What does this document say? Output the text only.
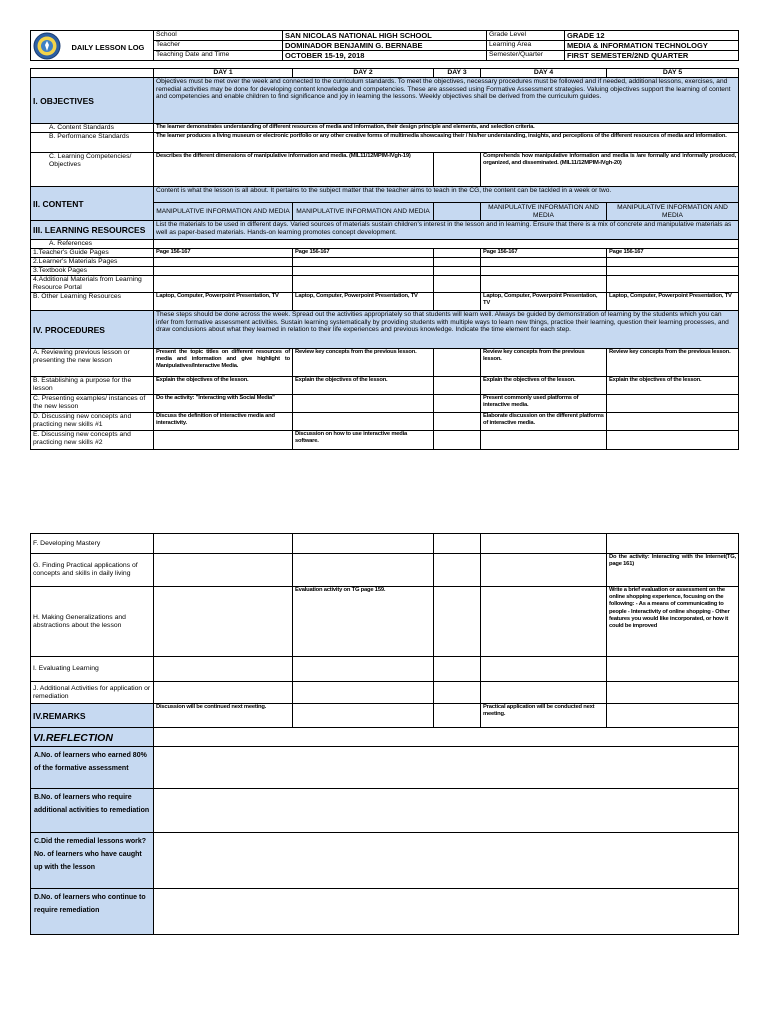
DAILY LESSON LOG	School	SAN NICOLAS NATIONAL HIGH SCHOOL	Grade Level	GRADE 12
	Teacher	DOMINADOR BENJAMIN G. BERNABE	Learning Area	MEDIA & INFORMATION TECHNOLOGY
	Teaching Date and Time	OCTOBER 15-19, 2018	Semester/Quarter	FIRST SEMESTER/2ND QUARTER
	DAY 1	DAY 2	DAY 3	DAY 4	DAY 5
I. OBJECTIVES	Objectives must be met over the week and connected to the curriculum standards. To meet the objectives, necessary procedures must be followed and if needed, additional lessons, exercises, and remedial activities may be done for developing content knowledge and competencies. These are assessed using Formative Assessment strategies. Valuing objectives support the learning of content and competencies and enable children to find significance and joy in learning the lessons. Weekly objectives shall be derived from the curriculum guides.				
A. Content Standards	The learner demonstrates understanding of different resources of media and information, their design principle and elements, and selection criteria.				
B. Performance Standards	The learner produces a living museum or electronic portfolio or any other creative forms of multimedia showcasing their / his/her understanding, insights, and perceptions of the different resources of media and information.				
C. Learning Competencies/ Objectives	Describes the different dimensions of manipulative information and media. (MIL11/12MPIM-IVgh-19)			Comprehends how manipulative information and media is /are formally and informally produced, organized, and disseminated. (MIL11/12MPIM-IVgh-20)	
II. CONTENT	Content is what the lesson is all about. It pertains to the subject matter that the teacher aims to teach in the CG, the content can be tackled in a week or two.				
	MANIPULATIVE INFORMATION AND MEDIA	MANIPULATIVE INFORMATION AND MEDIA		MANIPULATIVE INFORMATION AND MEDIA	MANIPULATIVE INFORMATION AND MEDIA
III. LEARNING RESOURCES	List the materials to be used in different days. Varied sources of materials sustain children's interest in the lesson and in learning. Ensure that there is a mix of concrete and manipulative materials as well as paper-based materials. Hands-on learning promotes concept development.				
A. References					
1.Teacher's Guide Pages	Page 156-167	Page 156-167		Page 156-167	Page 156-167
2.Learner's Materials Pages					
3.Textbook Pages					
4.Additional Materials from Learning Resource Portal					
B. Other Learning Resources	Laptop, Computer, Powerpoint Presentation, TV	Laptop, Computer, Powerpoint Presentation, TV		Laptop, Computer, Powerpoint Presentation, TV	Laptop, Computer, Powerpoint Presentation, TV
IV. PROCEDURES	These steps should be done across the week. Spread out the activities appropriately so that students will learn well. Always be guided by demonstration of learning by the students which you can infer from formative assessment activities. Sustain learning systematically by providing students with multiple ways to learn new things, practice their learning, question their learning processes, and draw conclusions about what they learned in relation to their life experiences and previous knowledge. Indicate the time element for each step.				
A. Reviewing previous lesson or presenting the new lesson	Present the topic titles on different resources of media and information and give highlight to Manipulatives/Interactive Media.	Review key concepts from the previous lesson.		Review key concepts from the previous lesson.	Review key concepts from the previous lesson.
B. Establishing a purpose for the lesson	Explain the objectives of the lesson.	Explain the objectives of the lesson.		Explain the objectives of the lesson.	Explain the objectives of the lesson.
C. Presenting examples/ instances of the new lesson	Do the activity: "Interacting with Social Media"			Present commonly used platforms of interactive media.	
D. Discussing new concepts and practicing new skills #1	Discuss the definition of interactive media and interactivity.			Elaborate discussion on the different platforms of interactive media.	
E. Discussing new concepts and practicing new skills #2		Discussion on how to use interactive media software.			
F. Developing Mastery					
G. Finding Practical applications of concepts and skills in daily living					Do the activity: Interacting with the Internet(TG, page 161)
H. Making Generalizations and abstractions about the lesson		Evaluation activity on TG page 159.			Write a brief evaluation or assessment on the online shopping experience, focusing on the following: - As a means of communicating to people - Interactivity of online shopping - Other features you would like incorporated, or how it could be improved
I. Evaluating Learning					
J. Additional Activities for application or remediation					
IV.REMARKS	Discussion will be continued next meeting.			Practical application will be conducted next meeting.	
VI.REFLECTION					
A.No. of learners who earned 80% of the formative assessment					
B.No. of learners who require additional activities to remediation					
C.Did the remedial lessons work? No. of learners who have caught up with the lesson					
D.No. of learners who continue to require remediation					
